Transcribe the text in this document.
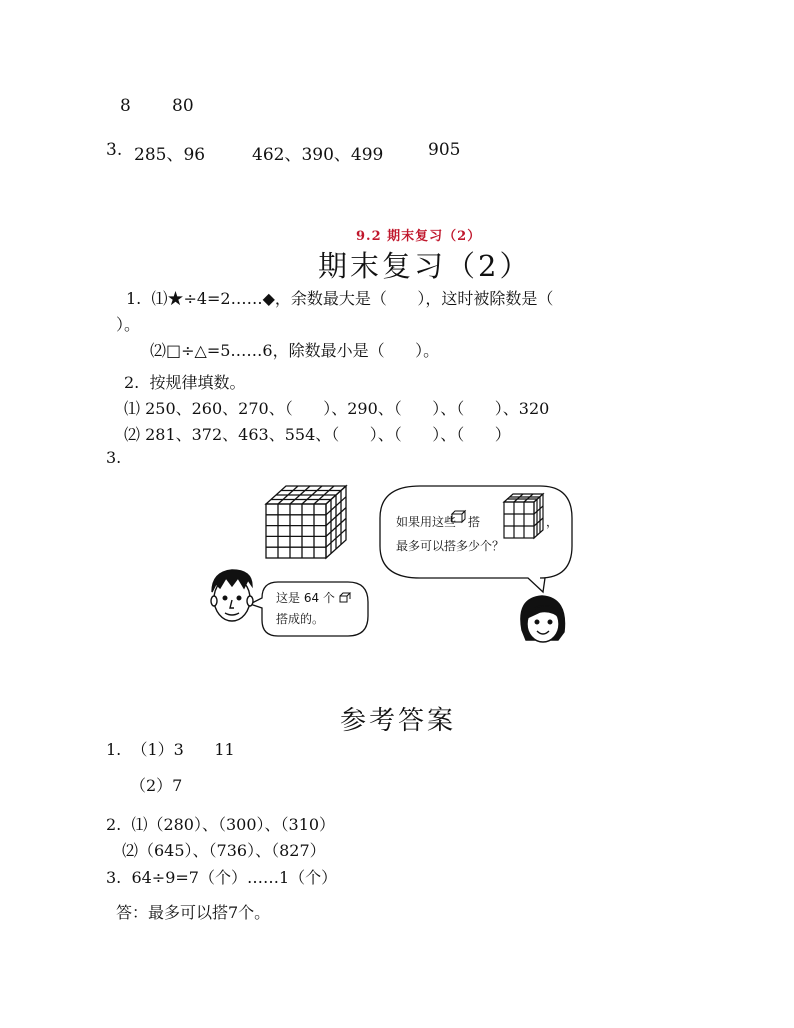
8 80
3. 285、96	462、390、499	905
9.2 期末复习（2）
期末复习（2）
1.  ⑴★÷4=2……◆，余数最大是（      ），这时被除数是（
）。
⑵□÷△=5……6，除数最小是（      ）。
2.  按规律填数。
⑴ 250、260、270、（      ）、290、（      ）、（      ）、320
⑵ 281、372、463、554、（      ）、（      ）、（      ）
3.
如果用这些 搭	，
最多可以搭多少个？
这是 64 个
搭成的。
参考答案
1.  （1）3      11
（2）7
2.  ⑴（280）、（300）、（310）
⑵（645）、（736）、（827）
3.  64÷9=7（个）……1（个）
答：最多可以搭7个。
